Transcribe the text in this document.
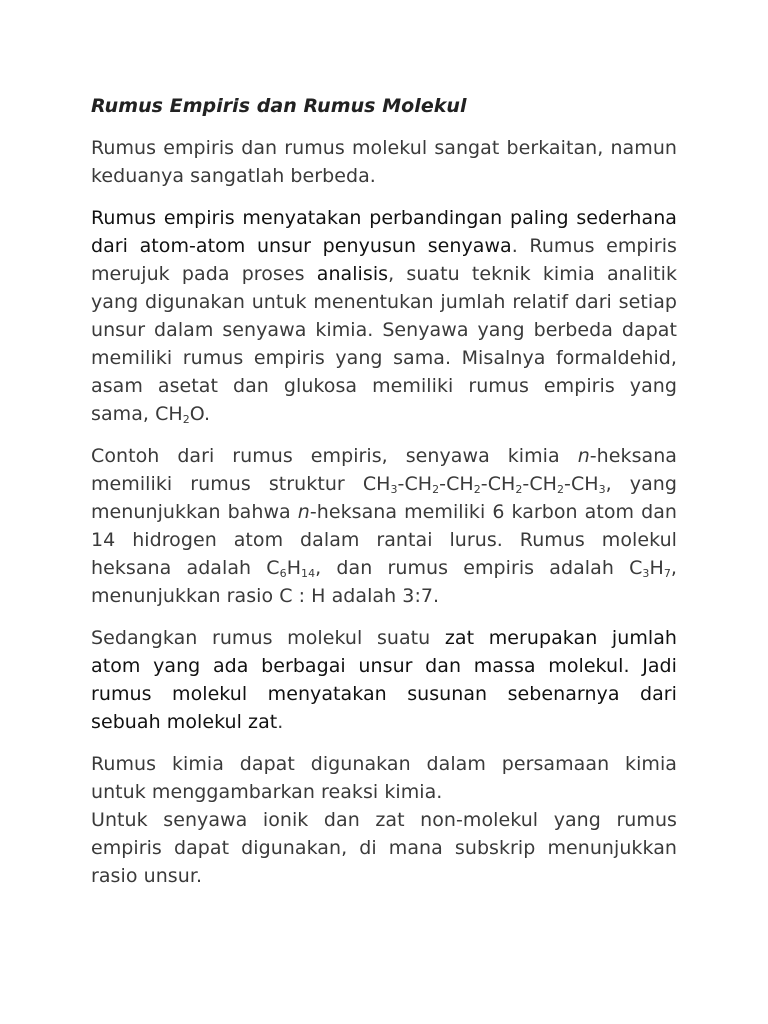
Rumus Empiris dan Rumus Molekul

Rumus empiris dan rumus molekul sangat berkaitan, namun keduanya sangatlah berbeda.

Rumus empiris menyatakan perbandingan paling sederhana dari atom-atom unsur penyusun senyawa. Rumus empiris merujuk pada proses analisis, suatu teknik kimia analitik yang digunakan untuk menentukan jumlah relatif dari setiap unsur dalam senyawa kimia. Senyawa yang berbeda dapat memiliki rumus empiris yang sama. Misalnya formaldehid, asam asetat dan glukosa memiliki rumus empiris yang sama, $CH_2O$.

Contoh dari rumus empiris, senyawa kimia n-heksana memiliki rumus struktur $CH_3-CH_2-CH_2-CH_2-CH_2-CH_3$, yang menunjukkan bahwa n-heksana memiliki 6 karbon atom dan 14 hidrogen atom dalam rantai lurus. Rumus molekul heksana adalah $C_6H_{14}$, dan rumus empiris adalah $C_3H_7$, menunjukkan rasio C : H adalah 3:7.

Sedangkan rumus molekul suatu zat merupakan jumlah atom yang ada berbagai unsur dan massa molekul. Jadi rumus molekul menyatakan susunan sebenarnya dari sebuah molekul zat.

Rumus kimia dapat digunakan dalam persamaan kimia untuk menggambarkan reaksi kimia.
Untuk senyawa ionik dan zat non-molekul yang rumus empiris dapat digunakan, di mana subskrip menunjukkan rasio unsur.
